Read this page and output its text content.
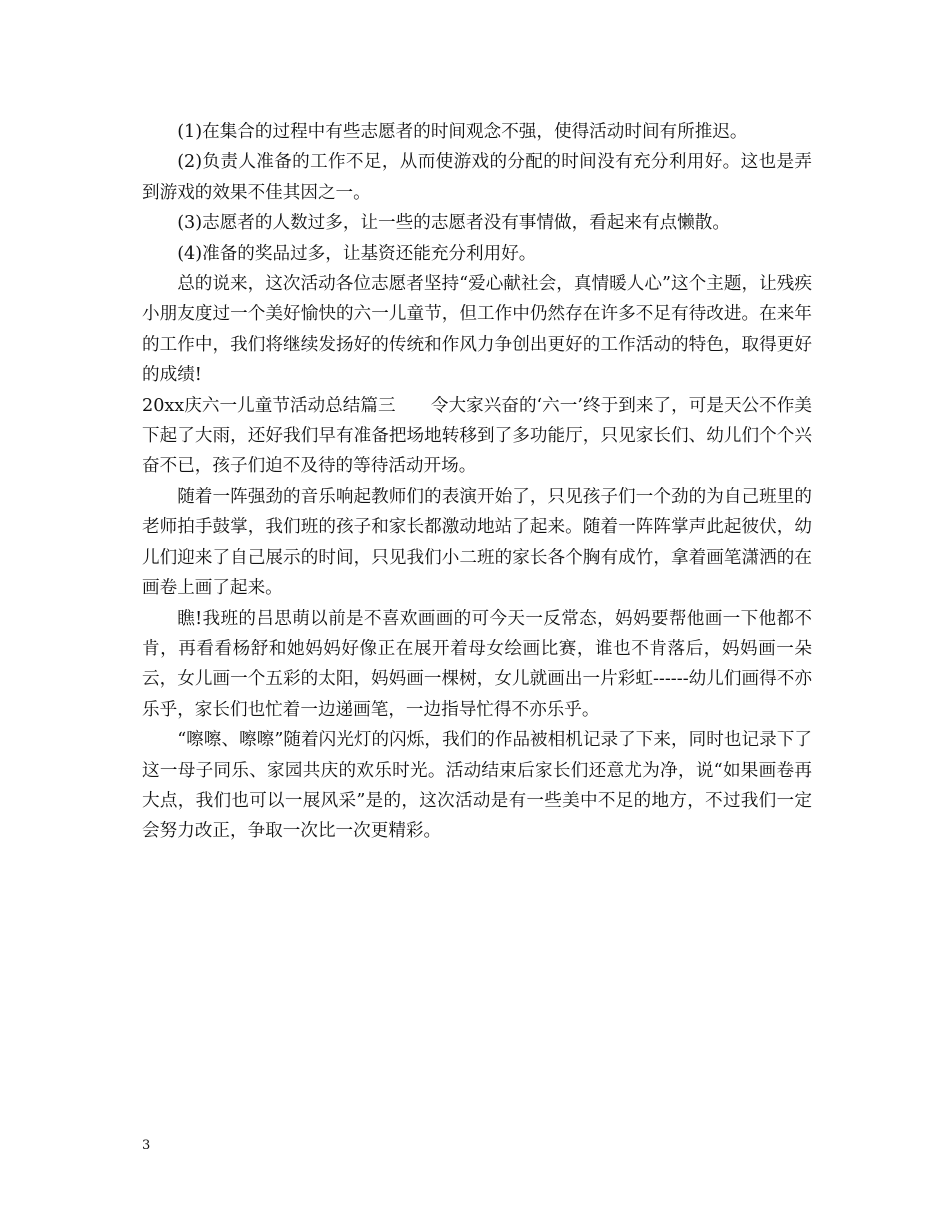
(1)在集合的过程中有些志愿者的时间观念不强，使得活动时间有所推迟。

(2)负责人准备的工作不足，从而使游戏的分配的时间没有充分利用好。这也是弄到游戏的效果不佳其因之一。

(3)志愿者的人数过多，让一些的志愿者没有事情做，看起来有点懒散。

(4)准备的奖品过多，让基资还能充分利用好。

总的说来，这次活动各位志愿者坚持“爱心献社会，真情暖人心”这个主题，让残疾小朋友度过一个美好愉快的六一儿童节，但工作中仍然存在许多不足有待改进。在来年的工作中，我们将继续发扬好的传统和作风力争创出更好的工作活动的特色，取得更好的成绩!

20xx庆六一儿童节活动总结篇三　　令大家兴奋的‘六一’终于到来了，可是天公不作美下起了大雨，还好我们早有准备把场地转移到了多功能厅，只见家长们、幼儿们个个兴奋不已，孩子们迫不及待的等待活动开场。

随着一阵强劲的音乐响起教师们的表演开始了，只见孩子们一个劲的为自己班里的老师拍手鼓掌，我们班的孩子和家长都激动地站了起来。随着一阵阵掌声此起彼伏，幼儿们迎来了自己展示的时间，只见我们小二班的家长各个胸有成竹，拿着画笔潇洒的在画卷上画了起来。

瞧!我班的吕思萌以前是不喜欢画画的可今天一反常态，妈妈要帮他画一下他都不肯，再看看杨舒和她妈妈好像正在展开着母女绘画比赛，谁也不肯落后，妈妈画一朵云，女儿画一个五彩的太阳，妈妈画一棵树，女儿就画出一片彩虹------幼儿们画得不亦乐乎，家长们也忙着一边递画笔，一边指导忙得不亦乐乎。

“嚓嚓、嚓嚓”随着闪光灯的闪烁，我们的作品被相机记录了下来，同时也记录下了这一母子同乐、家园共庆的欢乐时光。活动结束后家长们还意尤为净，说“如果画卷再大点，我们也可以一展风采”是的，这次活动是有一些美中不足的地方，不过我们一定会努力改正，争取一次比一次更精彩。

3
